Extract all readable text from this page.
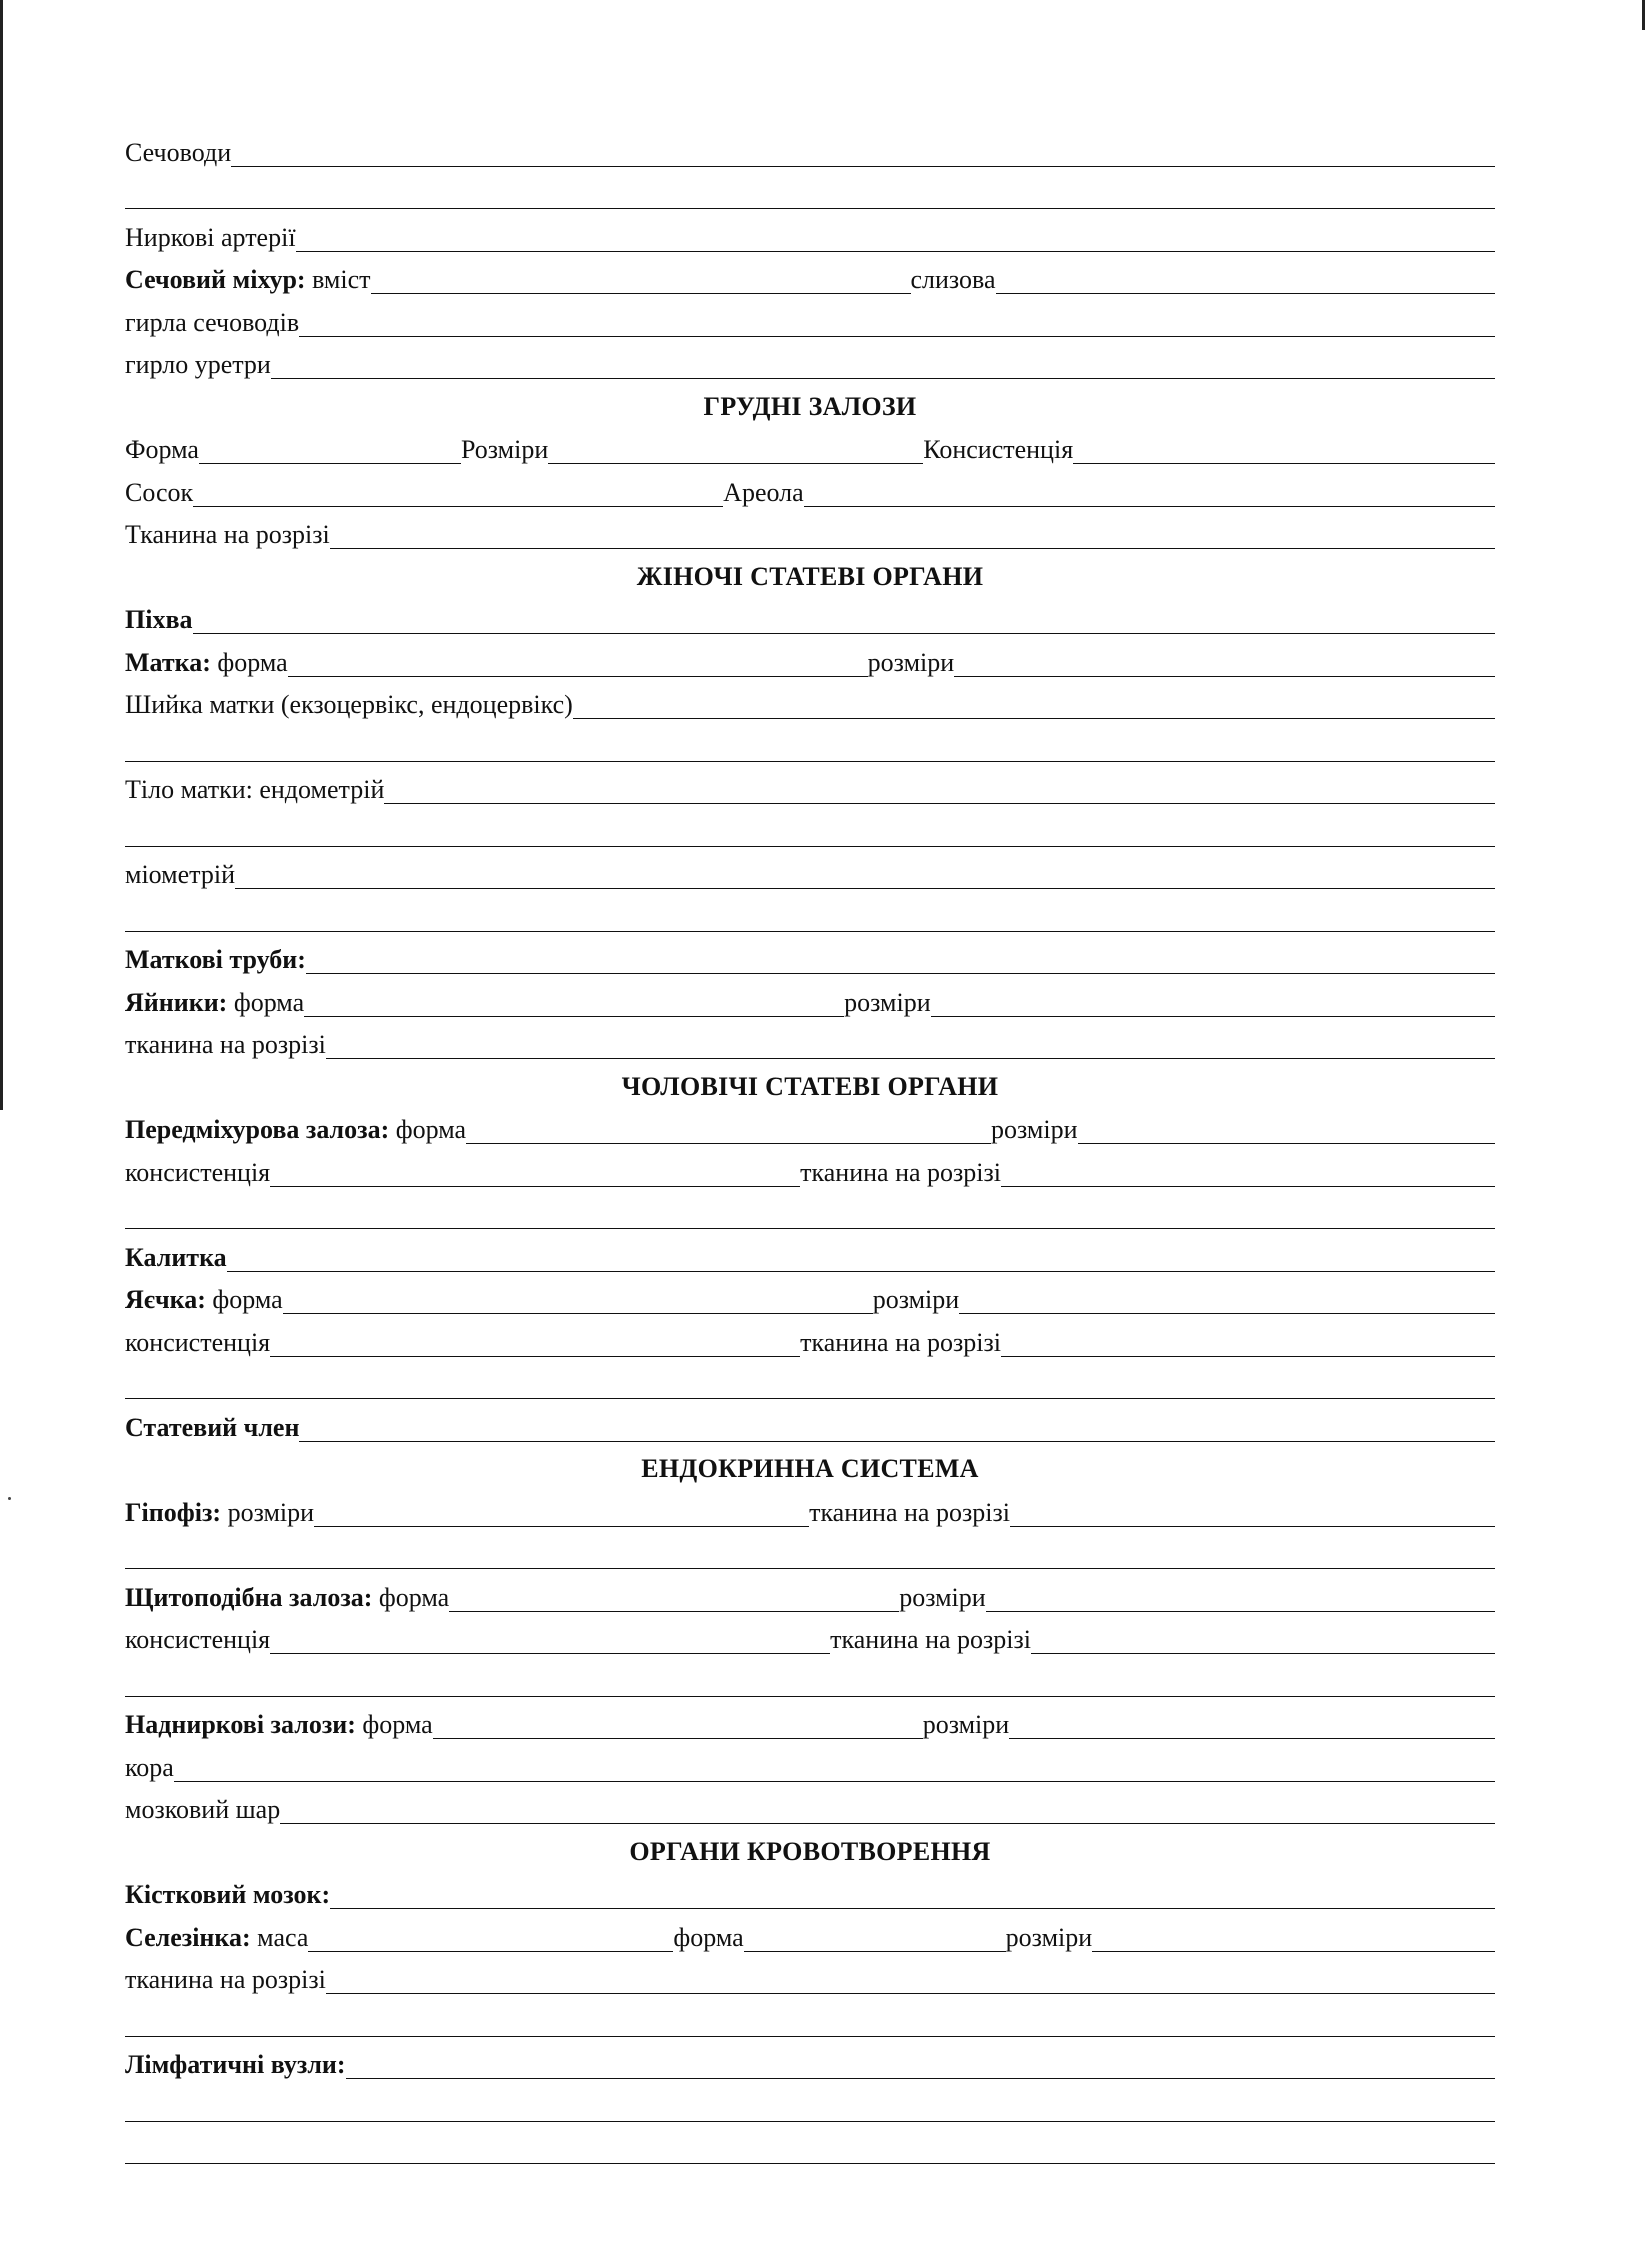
Сечоводи
Ниркові артерії
Сечовий міхур: вміст	слизова
гирла сечоводів
гирло уретри
ГРУДНІ ЗАЛОЗИ
Форма	Розміри	Консистенція
Сосок	Ареола
Тканина на розрізі
ЖІНОЧІ СТАТЕВІ ОРГАНИ
Піхва
Матка: форма	розміри
Шийка матки (екзоцервікс, ендоцервікс)
Тіло матки: ендометрій
міометрій
Маткові труби:
Яйники: форма	розміри
тканина на розрізі
ЧОЛОВІЧІ СТАТЕВІ ОРГАНИ
Передміхурова залоза: форма	розміри
консистенція	тканина на розрізі
Калитка
Яєчка: форма	розміри
консистенція	тканина на розрізі
Статевий член
ЕНДОКРИННА СИСТЕМА
Гіпофіз: розміри	тканина на розрізі
Щитоподібна залоза: форма	розміри
консистенція	тканина на розрізі
Надниркові залози: форма	розміри
кора
мозковий шар
ОРГАНИ КРОВОТВОРЕННЯ
Кістковий мозок:
Селезінка: маса	форма	розміри
тканина на розрізі
Лімфатичні вузли:
